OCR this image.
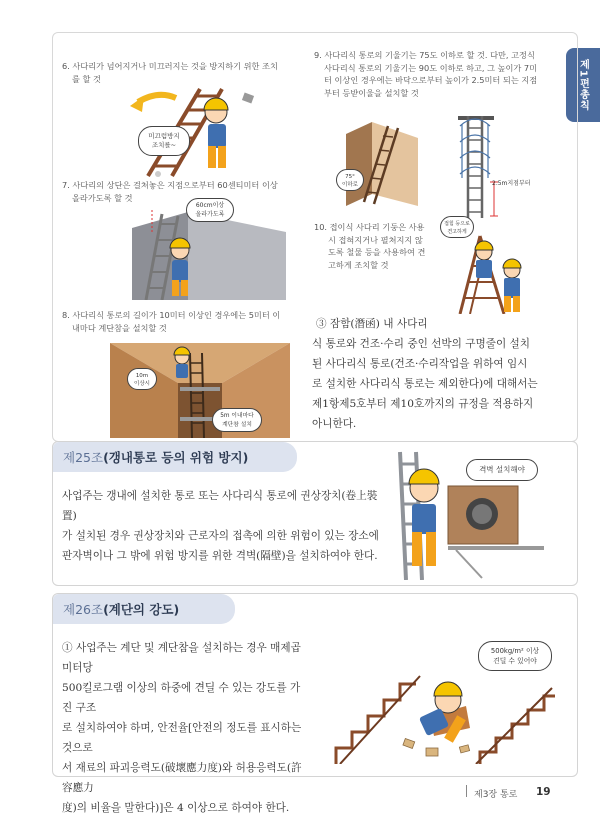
제1편총칙
6. 사다리가 넘어지거나 미끄러지는 것을 방지하기 위한 조치
를 할 것
미끄럼방지
조치를~
7. 사다리의 상단은 걸쳐놓은 지점으로부터 60센티미터 이상
올라가도록 할 것
60cm이상
올라가도록
8. 사다리식 통로의 길이가 10미터 이상인 경우에는 5미터 이
내마다 계단참을 설치할 것
10m
이상시
5m 이내마다
계단참 설치
9. 사다리식 통로의 기울기는 75도 이하로 할 것. 다만, 고정식
사다리식 통로의 기울기는 90도 이하로 하고, 그 높이가 7미
터 이상인 경우에는 바닥으로부터 높이가 2.5미터 되는 지점
부터 등받이울을 설치할 것
75°
이하로	2.5m지점부터
10. 접이식 사다리 기둥은 사용
시 접혀지거나 펼쳐지지 않
도록 철물 등을 사용하여 견
고하게 조치할 것
접힘 등으로
견고하게
③ 잠함(潛函) 내 사다리
식 통로와 건조·수리 중인 선박의 구명줄이 설치
된 사다리식 통로(건조·수리작업을 위하여 임시
로 설치한 사다리식 통로는 제외한다)에 대해서는
제1항제5호부터 제10호까지의 규정을 적용하지
아니한다.
제25조 (갱내통로 등의 위험 방지)
사업주는 갱내에 설치한 통로 또는 사다리식 통로에 권상장치(卷上裝置)
가 설치된 경우 권상장치와 근로자의 접촉에 의한 위험이 있는 장소에
판자벽이나 그 밖에 위험 방지를 위한 격벽(隔壁)을 설치하여야 한다.
격벽 설치해야
제26조 (계단의 강도)
① 사업주는 계단 및 계단참을 설치하는 경우 매제곱미터당
500킬로그램 이상의 하중에 견딜 수 있는 강도를 가진 구조
로 설치하여야 하며, 안전율[안전의 정도를 표시하는 것으로
서 재료의 파괴응력도(破壞應力度)와 허용응력도(許容應力
度)의 비율을 말한다)]은 4 이상으로 하여야 한다.
500kg/m² 이상
견딜 수 있어야
제3장 통로 19
